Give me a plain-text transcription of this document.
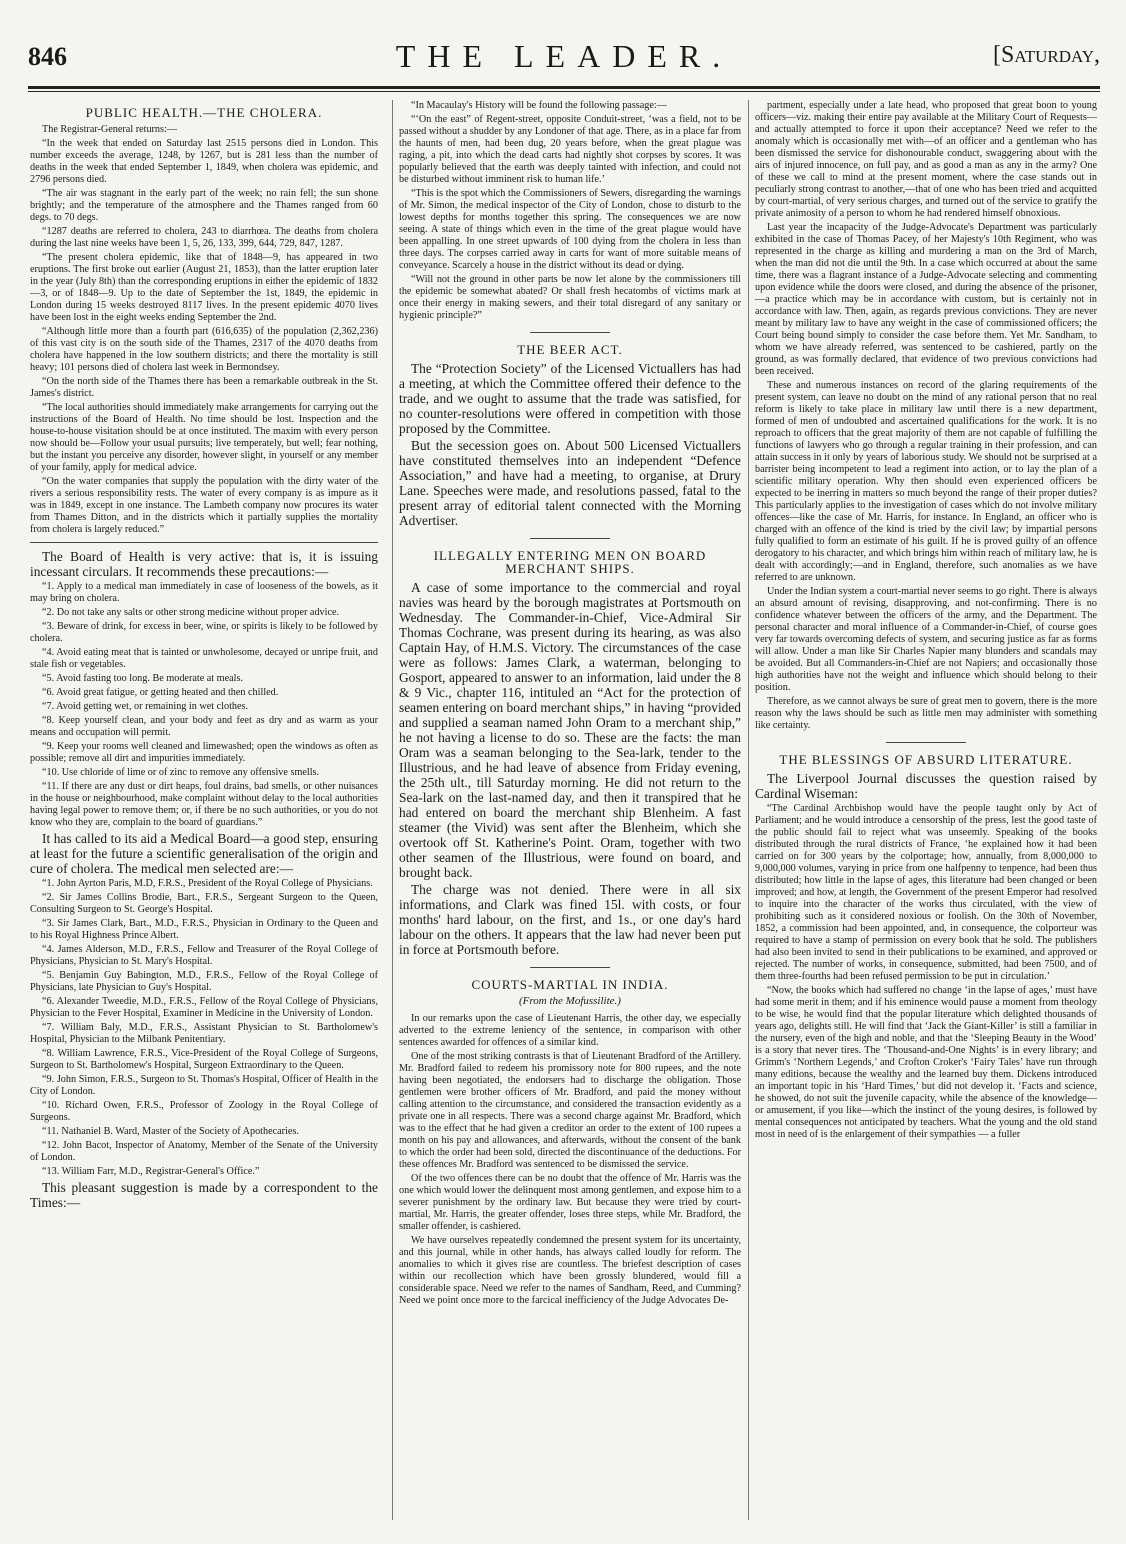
846	THE LEADER.	[Saturday,
PUBLIC HEALTH.—THE CHOLERA.

The Registrar-General returns:—

“In the week that ended on Saturday last 2515 persons died in London. This number exceeds the average, 1248, by 1267, but is 281 less than the number of deaths in the week that ended September 1, 1849, when cholera was epidemic, and 2796 persons died.

“The air was stagnant in the early part of the week; no rain fell; the sun shone brightly; and the temperature of the atmosphere and the Thames ranged from 60 degs. to 70 degs.

“1287 deaths are referred to cholera, 243 to diarrhœa. The deaths from cholera during the last nine weeks have been 1, 5, 26, 133, 399, 644, 729, 847, 1287.

“The present cholera epidemic, like that of 1848—9, has appeared in two eruptions. The first broke out earlier (August 21, 1853), than the latter eruption later in the year (July 8th) than the corresponding eruptions in either the epidemic of 1832—3, or of 1848—9. Up to the date of September the 1st, 1849, the epidemic in London during 15 weeks destroyed 8117 lives. In the present epidemic 4070 lives have been lost in the eight weeks ending September the 2nd.

“Although little more than a fourth part (616,635) of the population (2,362,236) of this vast city is on the south side of the Thames, 2317 of the 4070 deaths from cholera have happened in the low southern districts; and there the mortality is still heavy; 101 persons died of cholera last week in Bermondsey.

“On the north side of the Thames there has been a remarkable outbreak in the St. James's district.

“The local authorities should immediately make arrangements for carrying out the instructions of the Board of Health. No time should be lost. Inspection and the house-to-house visitation should be at once instituted. The maxim with every person now should be—Follow your usual pursuits; live temperately, but well; fear nothing, but the instant you perceive any disorder, however slight, in yourself or any member of your family, apply for medical advice.

“On the water companies that supply the population with the dirty water of the rivers a serious responsibility rests. The water of every company is as impure as it was in 1849, except in one instance. The Lambeth company now procures its water from Thames Ditton, and in the districts which it partially supplies the mortality from cholera is largely reduced.”

The Board of Health is very active: that is, it is issuing incessant circulars. It recommends these precautions:—

“1. Apply to a medical man immediately in case of looseness of the bowels, as it may bring on cholera.

“2. Do not take any salts or other strong medicine without proper advice.

“3. Beware of drink, for excess in beer, wine, or spirits is likely to be followed by cholera.

“4. Avoid eating meat that is tainted or unwholesome, decayed or unripe fruit, and stale fish or vegetables.

“5. Avoid fasting too long. Be moderate at meals.

“6. Avoid great fatigue, or getting heated and then chilled.

“7. Avoid getting wet, or remaining in wet clothes.

“8. Keep yourself clean, and your body and feet as dry and as warm as your means and occupation will permit.

“9. Keep your rooms well cleaned and limewashed; open the windows as often as possible; remove all dirt and impurities immediately.

“10. Use chloride of lime or of zinc to remove any offensive smells.

“11. If there are any dust or dirt heaps, foul drains, bad smells, or other nuisances in the house or neighbourhood, make complaint without delay to the local authorities having legal power to remove them; or, if there be no such authorities, or you do not know who they are, complain to the board of guardians.”

It has called to its aid a Medical Board—a good step, ensuring at least for the future a scientific generalisation of the origin and cure of cholera. The medical men selected are:—

“1. John Ayrton Paris, M.D, F.R.S., President of the Royal College of Physicians.

“2. Sir James Collins Brodie, Bart., F.R.S., Sergeant Surgeon to the Queen, Consulting Surgeon to St. George's Hospital.

“3. Sir James Clark, Bart., M.D., F.R.S., Physician in Ordinary to the Queen and to his Royal Highness Prince Albert.

“4. James Alderson, M.D., F.R.S., Fellow and Treasurer of the Royal College of Physicians, Physician to St. Mary's Hospital.

“5. Benjamin Guy Babington, M.D., F.R.S., Fellow of the Royal College of Physicians, late Physician to Guy's Hospital.

“6. Alexander Tweedie, M.D., F.R.S., Fellow of the Royal College of Physicians, Physician to the Fever Hospital, Examiner in Medicine in the University of London.

“7. William Baly, M.D., F.R.S., Assistant Physician to St. Bartholomew's Hospital, Physician to the Milbank Penitentiary.

“8. William Lawrence, F.R.S., Vice-President of the Royal College of Surgeons, Surgeon to St. Bartholomew's Hospital, Surgeon Extraordinary to the Queen.

“9. John Simon, F.R.S., Surgeon to St. Thomas's Hospital, Officer of Health in the City of London.

“10. Richard Owen, F.R.S., Professor of Zoology in the Royal College of Surgeons.

“11. Nathaniel B. Ward, Master of the Society of Apothecaries.

“12. John Bacot, Inspector of Anatomy, Member of the Senate of the University of London.

“13. William Farr, M.D., Registrar-General's Office.”

This pleasant suggestion is made by a correspondent to the Times:—

“In Macaulay's History will be found the following passage:—

“‘On the east” of Regent-street, opposite Conduit-street, ‘was a field, not to be passed without a shudder by any Londoner of that age. There, as in a place far from the haunts of men, had been dug, 20 years before, when the great plague was raging, a pit, into which the dead carts had nightly shot corpses by scores. It was popularly believed that the earth was deeply tainted with infection, and could not be disturbed without imminent risk to human life.’

“This is the spot which the Commissioners of Sewers, disregarding the warnings of Mr. Simon, the medical inspector of the City of London, chose to disturb to the lowest depths for months together this spring. The consequences we are now seeing. A state of things which even in the time of the great plague would have been appalling. In one street upwards of 100 dying from the cholera in less than three days. The corpses carried away in carts for want of more suitable means of conveyance. Scarcely a house in the district without its dead or dying.

“Will not the ground in other parts be now let alone by the commissioners till the epidemic be somewhat abated? Or shall fresh hecatombs of victims mark at once their energy in making sewers, and their total disregard of any sanitary or hygienic principle?”

THE BEER ACT.

The “Protection Society” of the Licensed Victuallers has had a meeting, at which the Committee offered their defence to the trade, and we ought to assume that the trade was satisfied, for no counter-resolutions were offered in competition with those proposed by the Committee.

But the secession goes on. About 500 Licensed Victuallers have constituted themselves into an independent “Defence Association,” and have had a meeting, to organise, at Drury Lane. Speeches were made, and resolutions passed, fatal to the present array of editorial talent connected with the Morning Advertiser.

ILLEGALLY ENTERING MEN ON BOARD MERCHANT SHIPS.

A case of some importance to the commercial and royal navies was heard by the borough magistrates at Portsmouth on Wednesday. The Commander-in-Chief, Vice-Admiral Sir Thomas Cochrane, was present during its hearing, as was also Captain Hay, of H.M.S. Victory. The circumstances of the case were as follows: James Clark, a waterman, belonging to Gosport, appeared to answer to an information, laid under the 8 & 9 Vic., chapter 116, intituled an “Act for the protection of seamen entering on board merchant ships,” in having “provided and supplied a seaman named John Oram to a merchant ship,” he not having a license to do so. These are the facts: the man Oram was a seaman belonging to the Sea-lark, tender to the Illustrious, and he had leave of absence from Friday evening, the 25th ult., till Saturday morning. He did not return to the Sea-lark on the last-named day, and then it transpired that he had entered on board the merchant ship Blenheim. A fast steamer (the Vivid) was sent after the Blenheim, which she overtook off St. Katherine's Point. Oram, together with two other seamen of the Illustrious, were found on board, and brought back.

The charge was not denied. There were in all six informations, and Clark was fined 15l. with costs, or four months' hard labour, on the first, and 1s., or one day's hard labour on the others. It appears that the law had never been put in force at Portsmouth before.

COURTS-MARTIAL IN INDIA.
(From the Mofussilite.)

In our remarks upon the case of Lieutenant Harris, the other day, we especially adverted to the extreme leniency of the sentence, in comparison with other sentences awarded for offences of a similar kind.

One of the most striking contrasts is that of Lieutenant Bradford of the Artillery. Mr. Bradford failed to redeem his promissory note for 800 rupees, and the note having been negotiated, the endorsers had to discharge the obligation. Those gentlemen were brother officers of Mr. Bradford, and paid the money without calling attention to the circumstance, and considered the transaction evidently as a private one in all respects. There was a second charge against Mr. Bradford, which was to the effect that he had given a creditor an order to the extent of 100 rupees a month on his pay and allowances, and afterwards, without the consent of the bank to which the order had been sold, directed the discontinuance of the deductions. For these offences Mr. Bradford was sentenced to be dismissed the service.

Of the two offences there can be no doubt that the offence of Mr. Harris was the one which would lower the delinquent most among gentlemen, and expose him to a severer punishment by the ordinary law. But because they were tried by court-martial, Mr. Harris, the greater offender, loses three steps, while Mr. Bradford, the smaller offender, is cashiered.

We have ourselves repeatedly condemned the present system for its uncertainty, and this journal, while in other hands, has always called loudly for reform. The anomalies to which it gives rise are countless. The briefest description of cases within our recollection which have been grossly blundered, would fill a considerable space. Need we refer to the names of Sandham, Reed, and Cumming? Need we point once more to the farcical inefficiency of the Judge Advocates De-

partment, especially under a late head, who proposed that great boon to young officers—viz. making their entire pay available at the Military Court of Requests—and actually attempted to force it upon their acceptance? Need we refer to the anomaly which is occasionally met with—of an officer and a gentleman who has been dismissed the service for dishonourable conduct, swaggering about with the airs of injured innocence, on full pay, and as good a man as any in the army? One of these we call to mind at the present moment, where the case stands out in peculiarly strong contrast to another,—that of one who has been tried and acquitted by court-martial, of very serious charges, and turned out of the service to gratify the private animosity of a person to whom he had rendered himself obnoxious.

Last year the incapacity of the Judge-Advocate's Department was particularly exhibited in the case of Thomas Pacey, of her Majesty's 10th Regiment, who was represented in the charge as killing and murdering a man on the 3rd of March, when the man did not die until the 9th. In a case which occurred at about the same time, there was a flagrant instance of a Judge-Advocate selecting and commenting upon evidence while the doors were closed, and during the absence of the prisoner,—a practice which may be in accordance with custom, but is certainly not in accordance with law. Then, again, as regards previous convictions. They are never meant by military law to have any weight in the case of commissioned officers; the Court being bound simply to consider the case before them. Yet Mr. Sandham, to whom we have already referred, was sentenced to be cashiered, partly on the ground, as was formally declared, that evidence of two previous convictions had been received.

These and numerous instances on record of the glaring requirements of the present system, can leave no doubt on the mind of any rational person that no real reform is likely to take place in military law until there is a new department, formed of men of undoubted and ascertained qualifications for the work. It is no reproach to officers that the great majority of them are not capable of fulfilling the functions of lawyers who go through a regular training in their profession, and can attain success in it only by years of laborious study. We should not be surprised at a barrister being incompetent to lead a regiment into action, or to lay the plan of a scientific military operation. Why then should even experienced officers be expected to be inerring in matters so much beyond the range of their proper duties? This particularly applies to the investigation of cases which do not involve military offences—like the case of Mr. Harris, for instance. In England, an officer who is charged with an offence of the kind is tried by the civil law; by impartial persons fully qualified to form an estimate of his guilt. If he is proved guilty of an offence derogatory to his character, and which brings him within reach of military law, he is dealt with accordingly;—and in England, therefore, such anomalies as we have referred to are unknown.

Under the Indian system a court-martial never seems to go right. There is always an absurd amount of revising, disapproving, and not-confirming. There is no confidence whatever between the officers of the army, and the Department. The personal character and moral influence of a Commander-in-Chief, of course goes very far towards overcoming defects of system, and securing justice as far as forms will allow. Under a man like Sir Charles Napier many blunders and scandals may be avoided. But all Commanders-in-Chief are not Napiers; and occasionally those high authorities have not the weight and influence which should belong to their position.

Therefore, as we cannot always be sure of great men to govern, there is the more reason why the laws should be such as little men may administer with something like certainty.

THE BLESSINGS OF ABSURD LITERATURE.

The Liverpool Journal discusses the question raised by Cardinal Wiseman:

“The Cardinal Archbishop would have the people taught only by Act of Parliament; and he would introduce a censorship of the press, lest the good taste of the public should fail to reject what was unseemly. Speaking of the books distributed through the rural districts of France, ‘he explained how it had been carried on for 300 years by the colportage; how, annually, from 8,000,000 to 9,000,000 volumes, varying in price from one halfpenny to tenpence, had been thus distributed; how little in the lapse of ages, this literature had been changed or been improved; and how, at length, the Government of the present Emperor had resolved to inquire into the character of the works thus circulated, with the view of prohibiting such as it considered noxious or foolish. On the 30th of November, 1852, a commission had been appointed, and, in consequence, the colporteur was required to have a stamp of permission on every book that he sold. The publishers had also been invited to send in their publications to be examined, and approved or rejected. The number of works, in consequence, submitted, had been 7500, and of them three-fourths had been refused permission to be put in circulation.’

“Now, the books which had suffered no change ‘in the lapse of ages,’ must have had some merit in them; and if his eminence would pause a moment from theology to be wise, he would find that the popular literature which delighted thousands of years ago, delights still. He will find that ‘Jack the Giant-Killer’ is still a familiar in the nursery, even of the high and noble, and that the ‘Sleeping Beauty in the Wood’ is a story that never tires. The ‘Thousand-and-One Nights’ is in every library; and Grimm's ‘Northern Legends,’ and Crofton Croker's ‘Fairy Tales’ have run through many editions, because the wealthy and the learned buy them. Dickens introduced an important topic in his ‘Hard Times,’ but did not develop it. ‘Facts and science, he showed, do not suit the juvenile capacity, while the absence of the knowledge—or amusement, if you like—which the instinct of the young desires, is followed by mental consequences not anticipated by teachers. What the young and the old stand most in need of is the enlargement of their sympathies — a fuller
